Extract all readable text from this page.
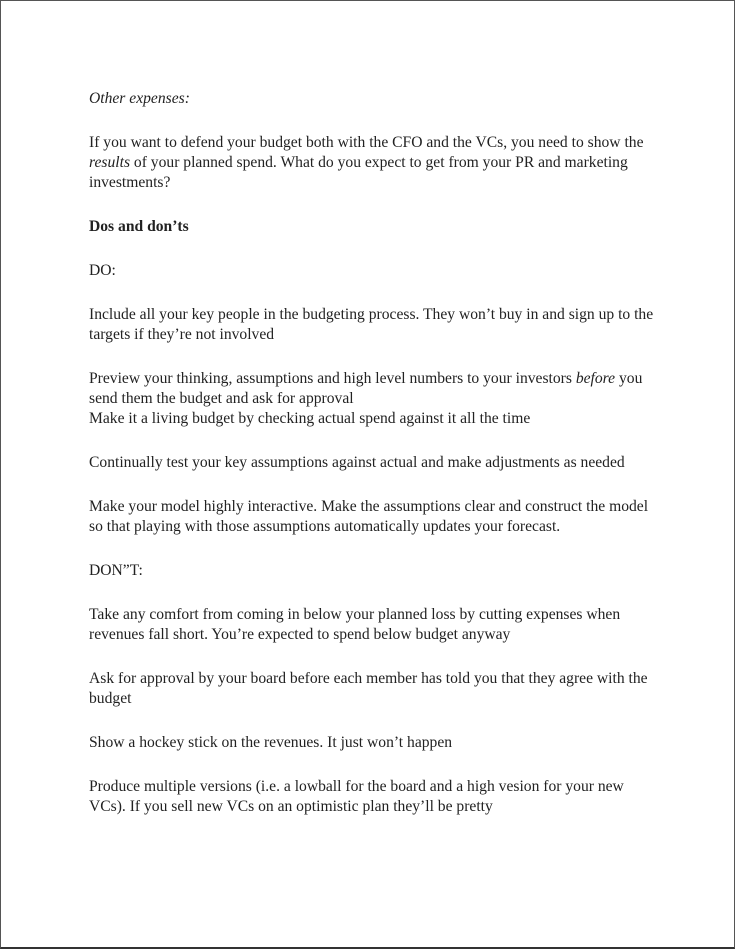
Other expenses:

If you want to defend your budget both with the CFO and the VCs, you need to show the results of your planned spend. What do you expect to get from your PR and marketing investments?

Dos and don’ts

DO:

Include all your key people in the budgeting process. They won’t buy in and sign up to the targets if they’re not involved

Preview your thinking, assumptions and high level numbers to your investors before you send them the budget and ask for approval

Make it a living budget by checking actual spend against it all the time

Continually test your key assumptions against actual and make adjustments as needed

Make your model highly interactive. Make the assumptions clear and construct the model so that playing with those assumptions automatically updates your forecast.

DON”T:

Take any comfort from coming in below your planned loss by cutting expenses when revenues fall short. You’re expected to spend below budget anyway

Ask for approval by your board before each member has told you that they agree with the budget

Show a hockey stick on the revenues. It just won’t happen

Produce multiple versions (i.e. a lowball for the board and a high vesion for your new VCs). If you sell new VCs on an optimistic plan they’ll be pretty
